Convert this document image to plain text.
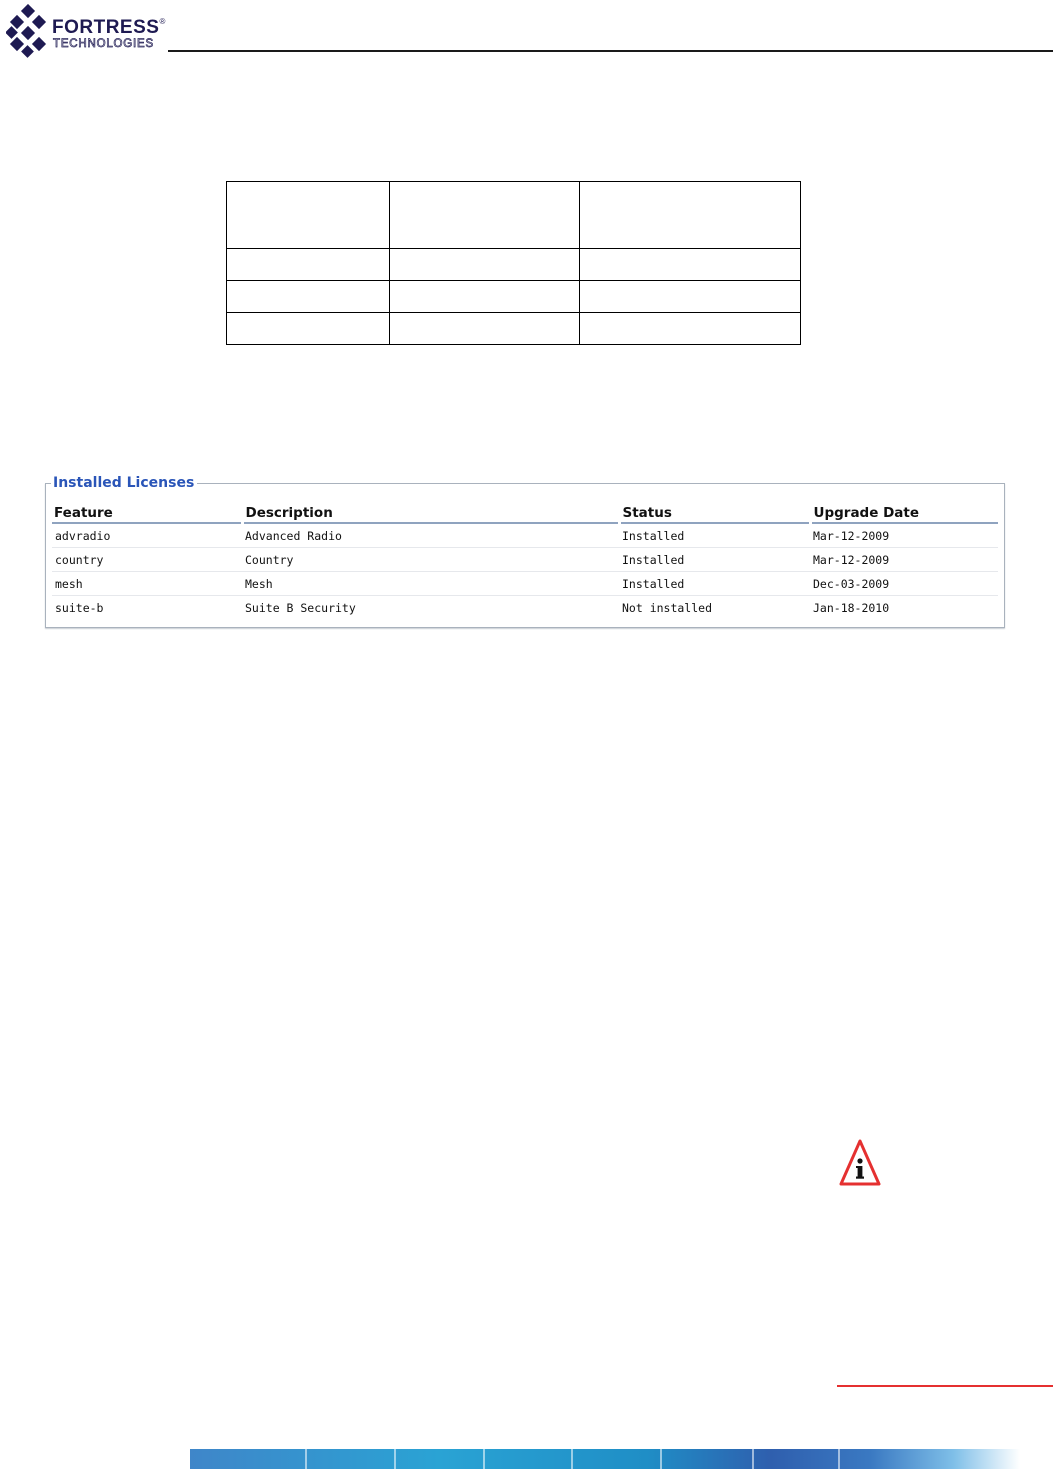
FORTRESS®
TECHNOLOGIES

Installed Licenses
Feature	Description	Status	Upgrade Date
advradio	Advanced Radio	Installed	Mar-12-2009
country	Country	Installed	Mar-12-2009
mesh	Mesh	Installed	Dec-03-2009
suite-b	Suite B Security	Not installed	Jan-18-2010
